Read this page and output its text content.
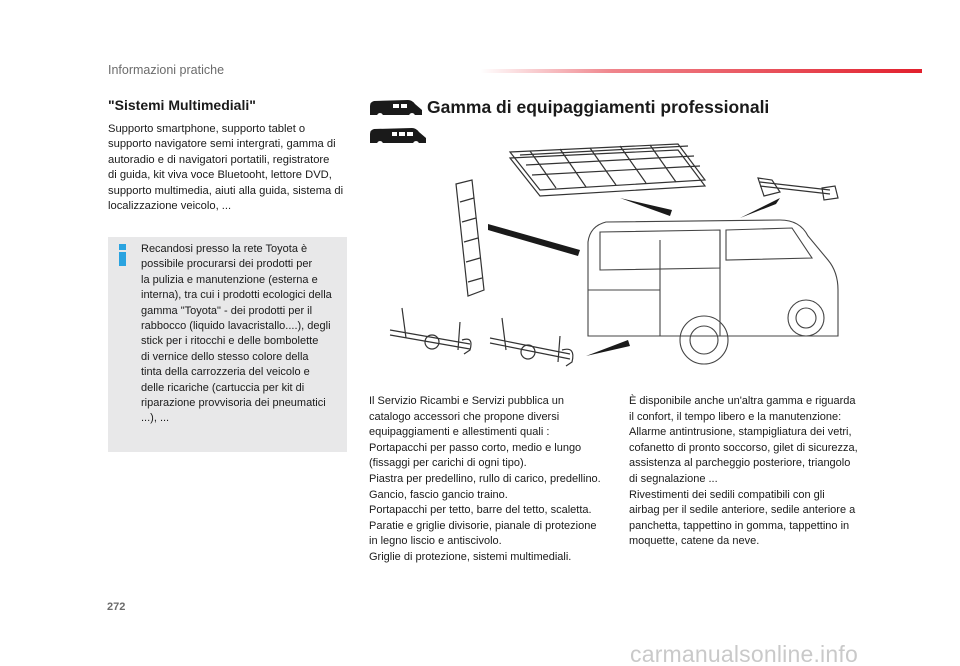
Informazioni pratiche
"Sistemi Multimediali"
Supporto smartphone, supporto tablet o
supporto navigatore semi intergrati, gamma di
autoradio e di navigatori portatili, registratore
di guida, kit viva voce Bluetooht, lettore DVD,
supporto multimedia, aiuti alla guida, sistema di
localizzazione veicolo, ...
Recandosi presso la rete Toyota è
possibile procurarsi dei prodotti per
la pulizia e manutenzione (esterna e
interna), tra cui i prodotti ecologici della
gamma "Toyota" - dei prodotti per il
rabbocco (liquido lavacristallo....), degli
stick per i ritocchi e delle bombolette
di vernice dello stesso colore della
tinta della carrozzeria del veicolo e
delle ricariche (cartuccia per kit di
riparazione provvisoria dei pneumatici
...), ...
Gamma di equipaggiamenti professionali
Il Servizio Ricambi e Servizi pubblica un
catalogo accessori che propone diversi
equipaggiamenti e allestimenti quali :
Portapacchi per passo corto, medio e lungo
(fissaggi per carichi di ogni tipo).
Piastra per predellino, rullo di carico, predellino.
Gancio, fascio gancio traino.
Portapacchi per tetto, barre del tetto, scaletta.
Paratie e griglie divisorie, pianale di protezione
in legno liscio e antiscivolo.
Griglie di protezione, sistemi multimediali.
È disponibile anche un'altra gamma e riguarda
il confort, il tempo libero e la manutenzione:
Allarme antintrusione, stampigliatura dei vetri,
cofanetto di pronto soccorso, gilet di sicurezza,
assistenza al parcheggio posteriore, triangolo
di segnalazione ...
Rivestimenti dei sedili compatibili con gli
airbag per il sedile anteriore, sedile anteriore a
panchetta, tappettino in gomma, tappettino in
moquette, catene da neve.
272
carmanualsonline.info
